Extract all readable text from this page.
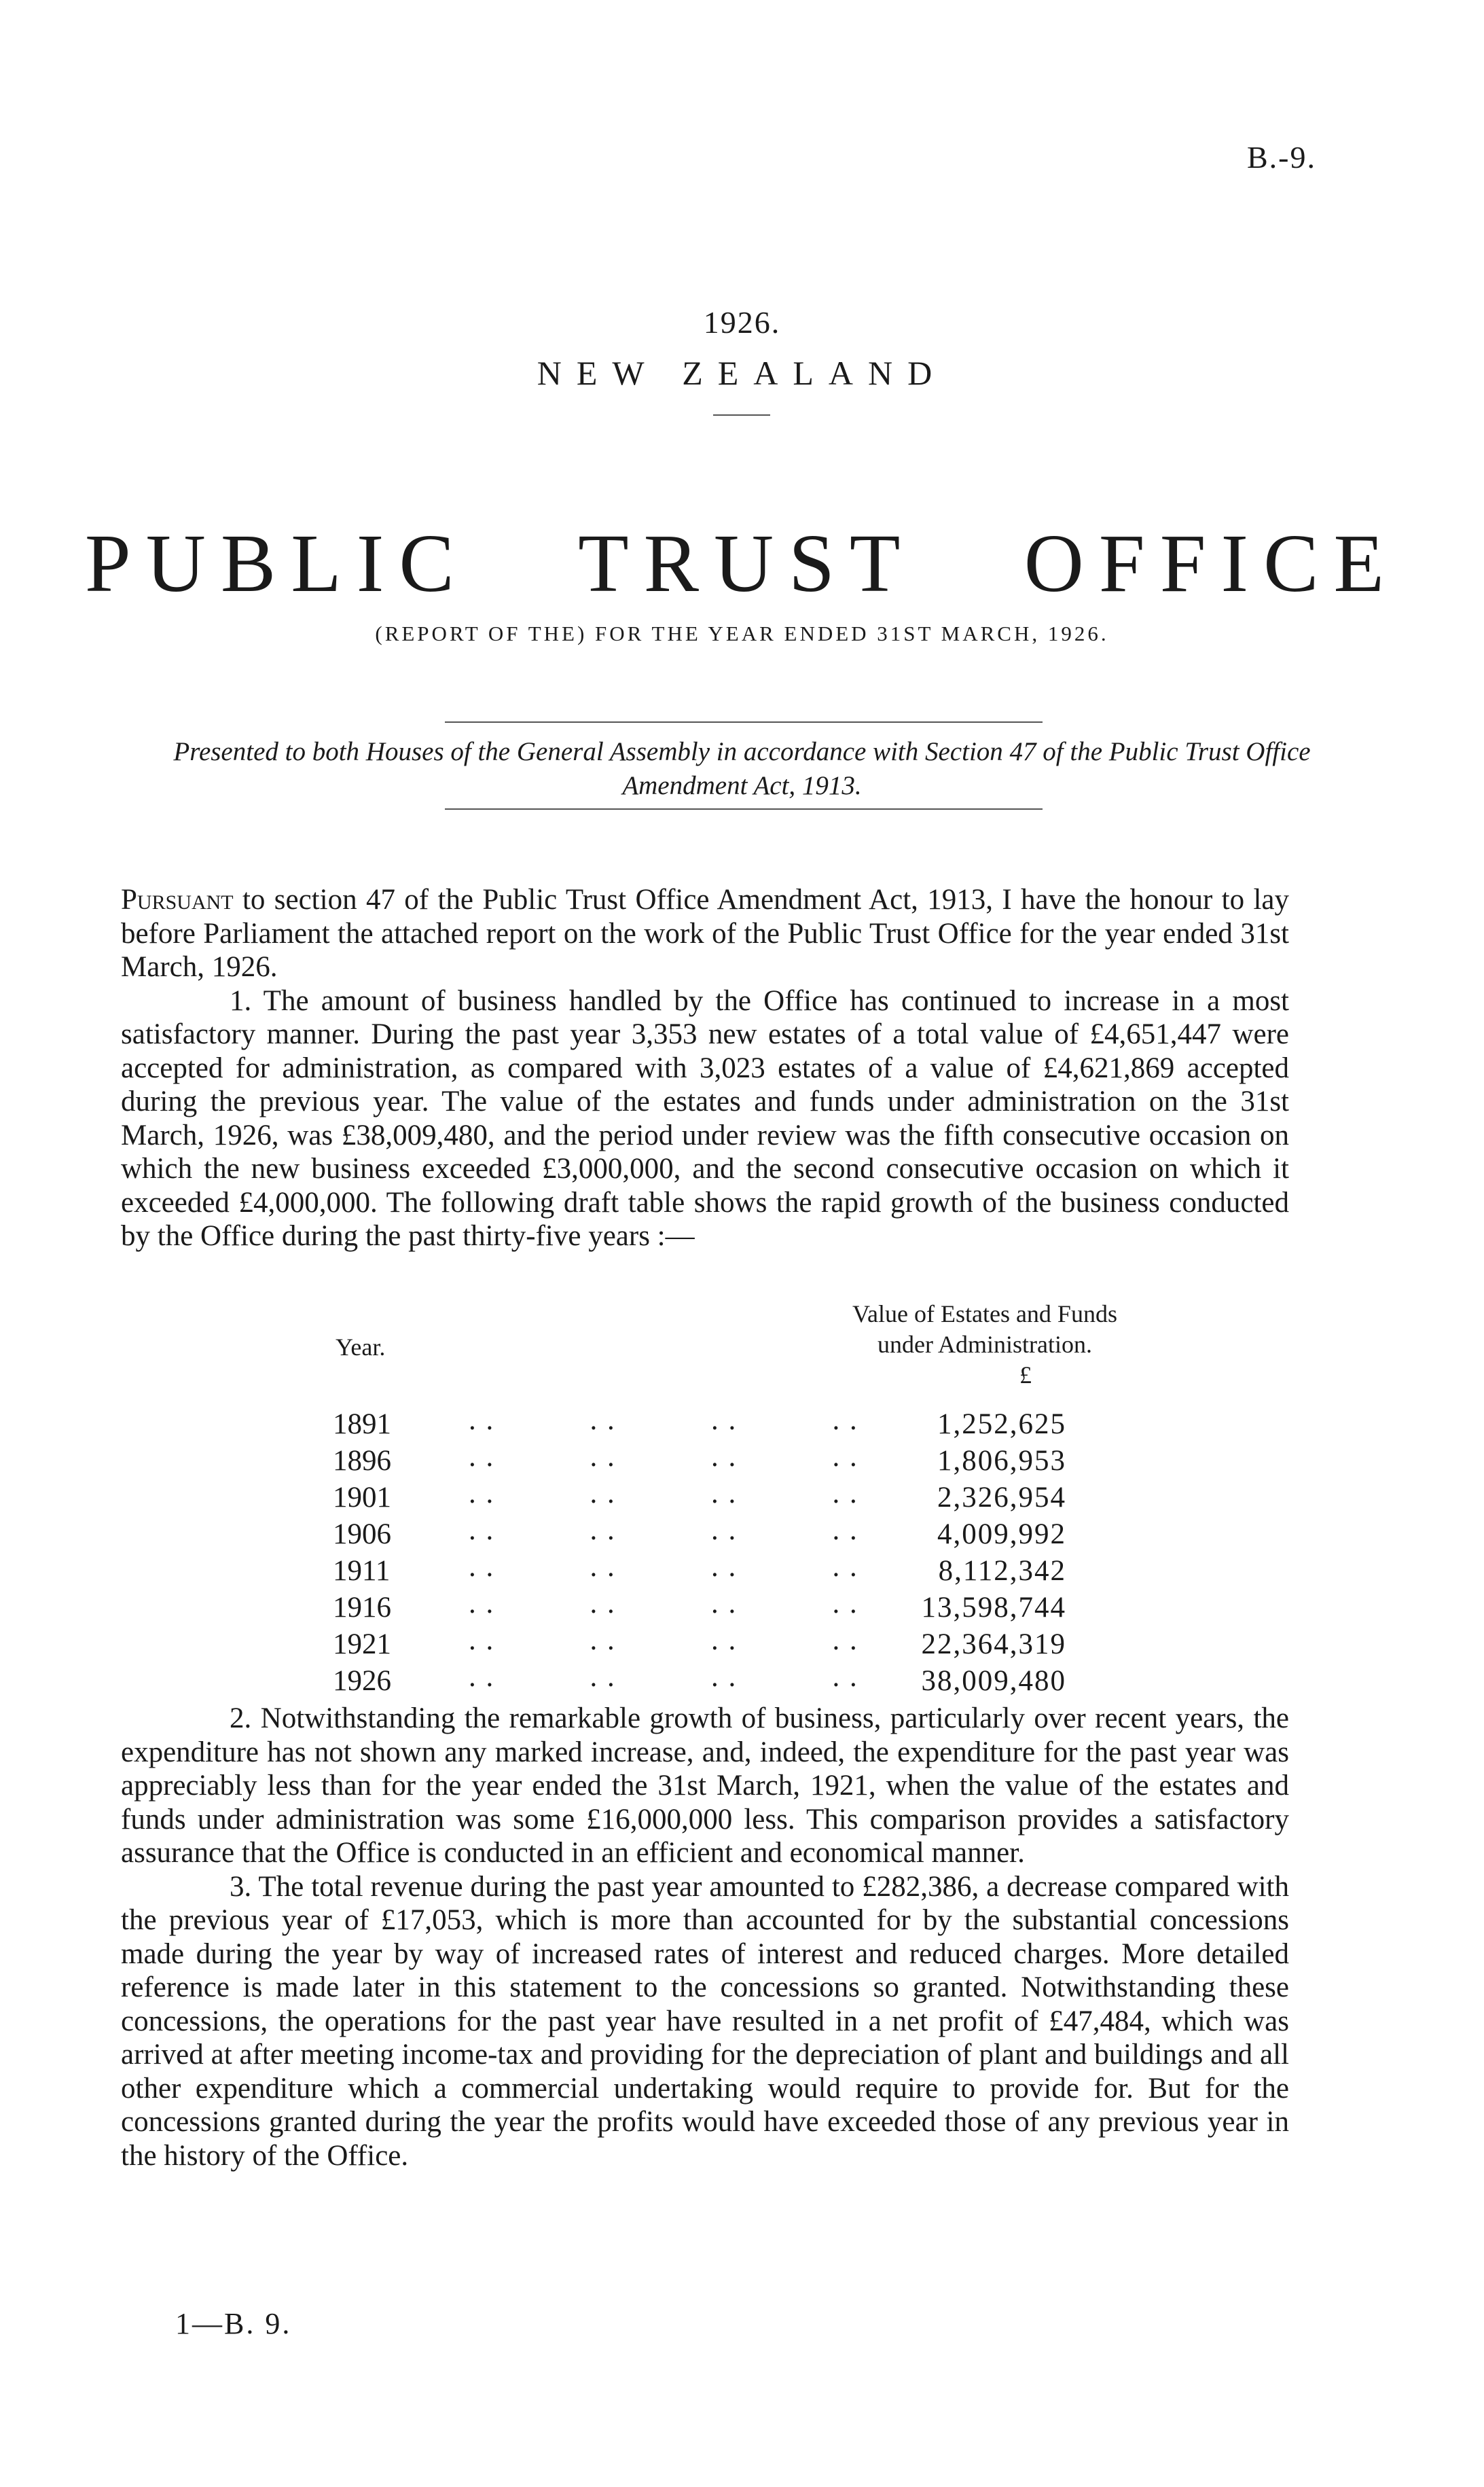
B.-9.
1926.
NEW ZEALAND
PUBLIC TRUST OFFICE
(REPORT OF THE) FOR THE YEAR ENDED 31ST MARCH, 1926.
Presented to both Houses of the General Assembly in accordance with Section 47 of the Public Trust Office Amendment Act, 1913.

Pursuant to section 47 of the Public Trust Office Amendment Act, 1913, I have the honour to lay before Parliament the attached report on the work of the Public Trust Office for the year ended 31st March, 1926.

1. The amount of business handled by the Office has continued to increase in a most satisfactory manner. During the past year 3,353 new estates of a total value of £4,651,447 were accepted for administration, as compared with 3,023 estates of a value of £4,621,869 accepted during the previous year. The value of the estates and funds under administration on the 31st March, 1926, was £38,009,480, and the period under review was the fifth consecutive occasion on which the new business exceeded £3,000,000, and the second consecutive occasion on which it exceeded £4,000,000. The following draft table shows the rapid growth of the business conducted by the Office during the past thirty-five years :—

Year.
Value of Estates and Funds
under Administration.
£
1891	. .           . .           . .           . .	1,252,625
1896	. .           . .           . .           . .	1,806,953
1901	. .           . .           . .           . .	2,326,954
1906	. .           . .           . .           . .	4,009,992
1911	. .           . .           . .           . .	8,112,342
1916	. .           . .           . .           . . 13,598,744
1921	. .           . .           . .           . . 22,364,319
1926	. .           . .           . .           . . 38,009,480

2. Notwithstanding the remarkable growth of business, particularly over recent years, the expenditure has not shown any marked increase, and, indeed, the expenditure for the past year was appreciably less than for the year ended the 31st March, 1921, when the value of the estates and funds under administration was some £16,000,000 less. This comparison provides a satisfactory assurance that the Office is conducted in an efficient and economical manner.

3. The total revenue during the past year amounted to £282,386, a decrease compared with the previous year of £17,053, which is more than accounted for by the substantial concessions made during the year by way of increased rates of interest and reduced charges. More detailed reference is made later in this statement to the concessions so granted. Notwithstanding these concessions, the operations for the past year have resulted in a net profit of £47,484, which was arrived at after meeting income-tax and providing for the depreciation of plant and buildings and all other expenditure which a commercial undertaking would require to provide for. But for the concessions granted during the year the profits would have exceeded those of any previous year in the history of the Office.

1—B. 9.
